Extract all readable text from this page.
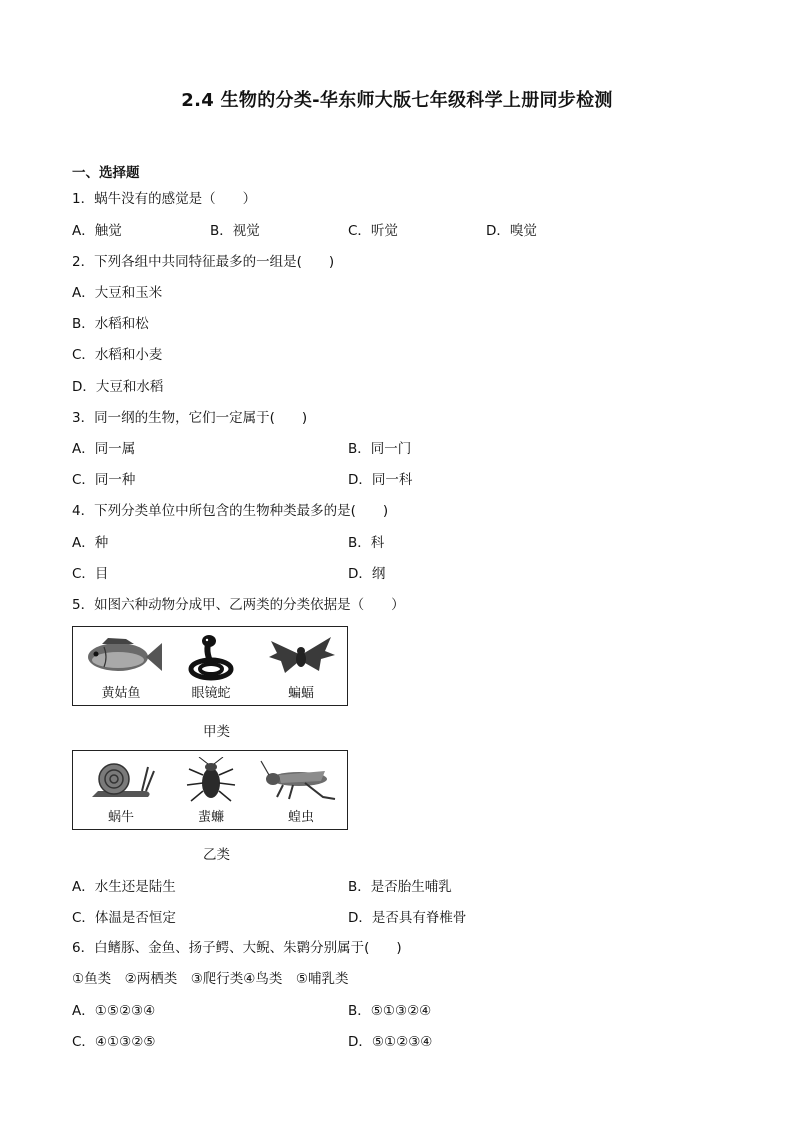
2.4 生物的分类-华东师大版七年级科学上册同步检测
一、选择题
1．蜗牛没有的感觉是（　　）
A．触觉	B．视觉	C．听觉	D．嗅觉
2．下列各组中共同特征最多的一组是(　　)
A．大豆和玉米
B．水稻和松
C．水稻和小麦
D．大豆和水稻
3．同一纲的生物，它们一定属于(　　)
A．同一属	B．同一门
C．同一种	D．同一科
4．下列分类单位中所包含的生物种类最多的是(　　)
A．种	B．科
C．目	D．纲
5．如图六种动物分成甲、乙两类的分类依据是（　　）
黄姑鱼	眼镜蛇	蝙蝠
甲类
蜗牛	蜚蠊	蝗虫
乙类
A．水生还是陆生	B．是否胎生哺乳
C．体温是否恒定	D．是否具有脊椎骨
6．白鳍豚、金鱼、扬子鳄、大鲵、朱鹮分别属于(　　)
①鱼类　②两栖类　③爬行类④鸟类　⑤哺乳类
A．①⑤②③④	B．⑤①③②④
C．④①③②⑤	D．⑤①②③④
